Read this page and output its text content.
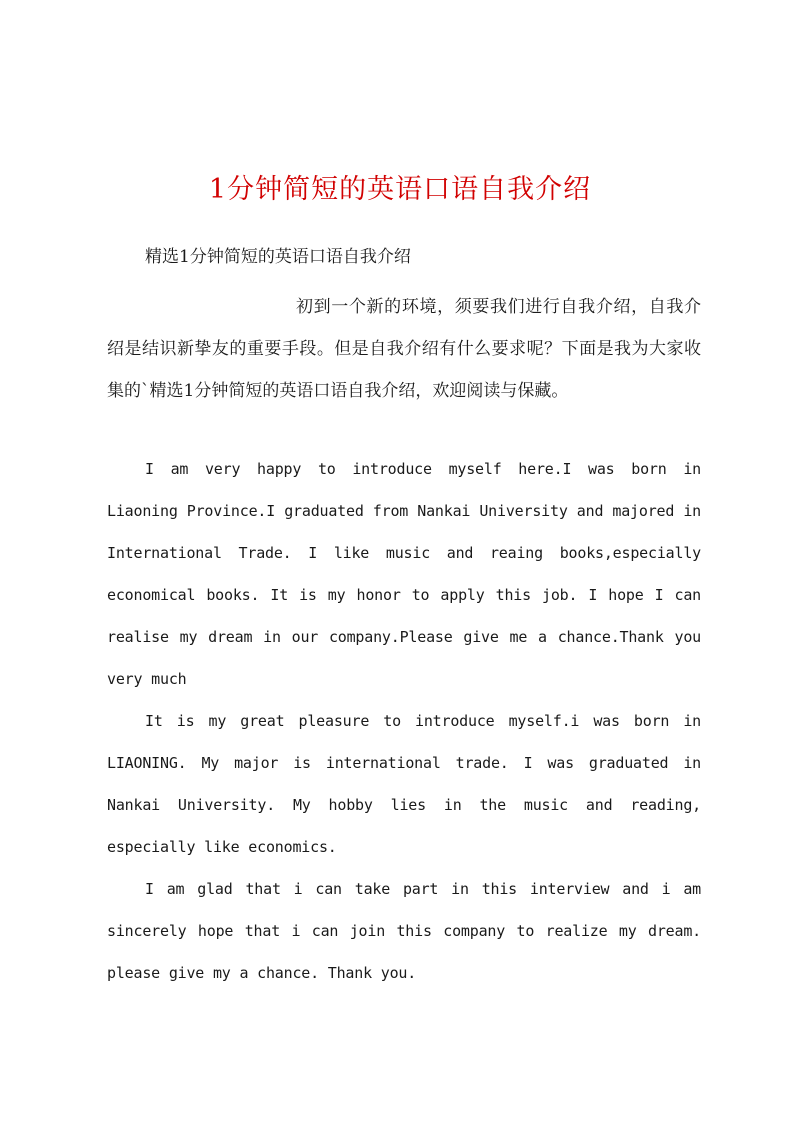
1分钟简短的英语口语自我介绍

精选1分钟简短的英语口语自我介绍

初到一个新的环境，须要我们进行自我介绍，自我介绍是结识新挚友的重要手段。但是自我介绍有什么要求呢？下面是我为大家收集的`精选1分钟简短的英语口语自我介绍，欢迎阅读与保藏。

I am very happy to introduce myself here.I was born in Liaoning Province.I graduated from Nankai University and majored in International Trade. I like music and reaing books,especially economical books. It is my honor to apply this job. I hope I can realise my dream in our company.Please give me a chance.Thank you very much

It is my great pleasure to introduce myself.i was born in LIAONING. My major is international trade. I was graduated in Nankai University. My hobby lies in the music and reading, especially like economics.

I am glad that i can take part in this interview and i am sincerely hope that i can join this company to realize my dream. please give my a chance. Thank you.
